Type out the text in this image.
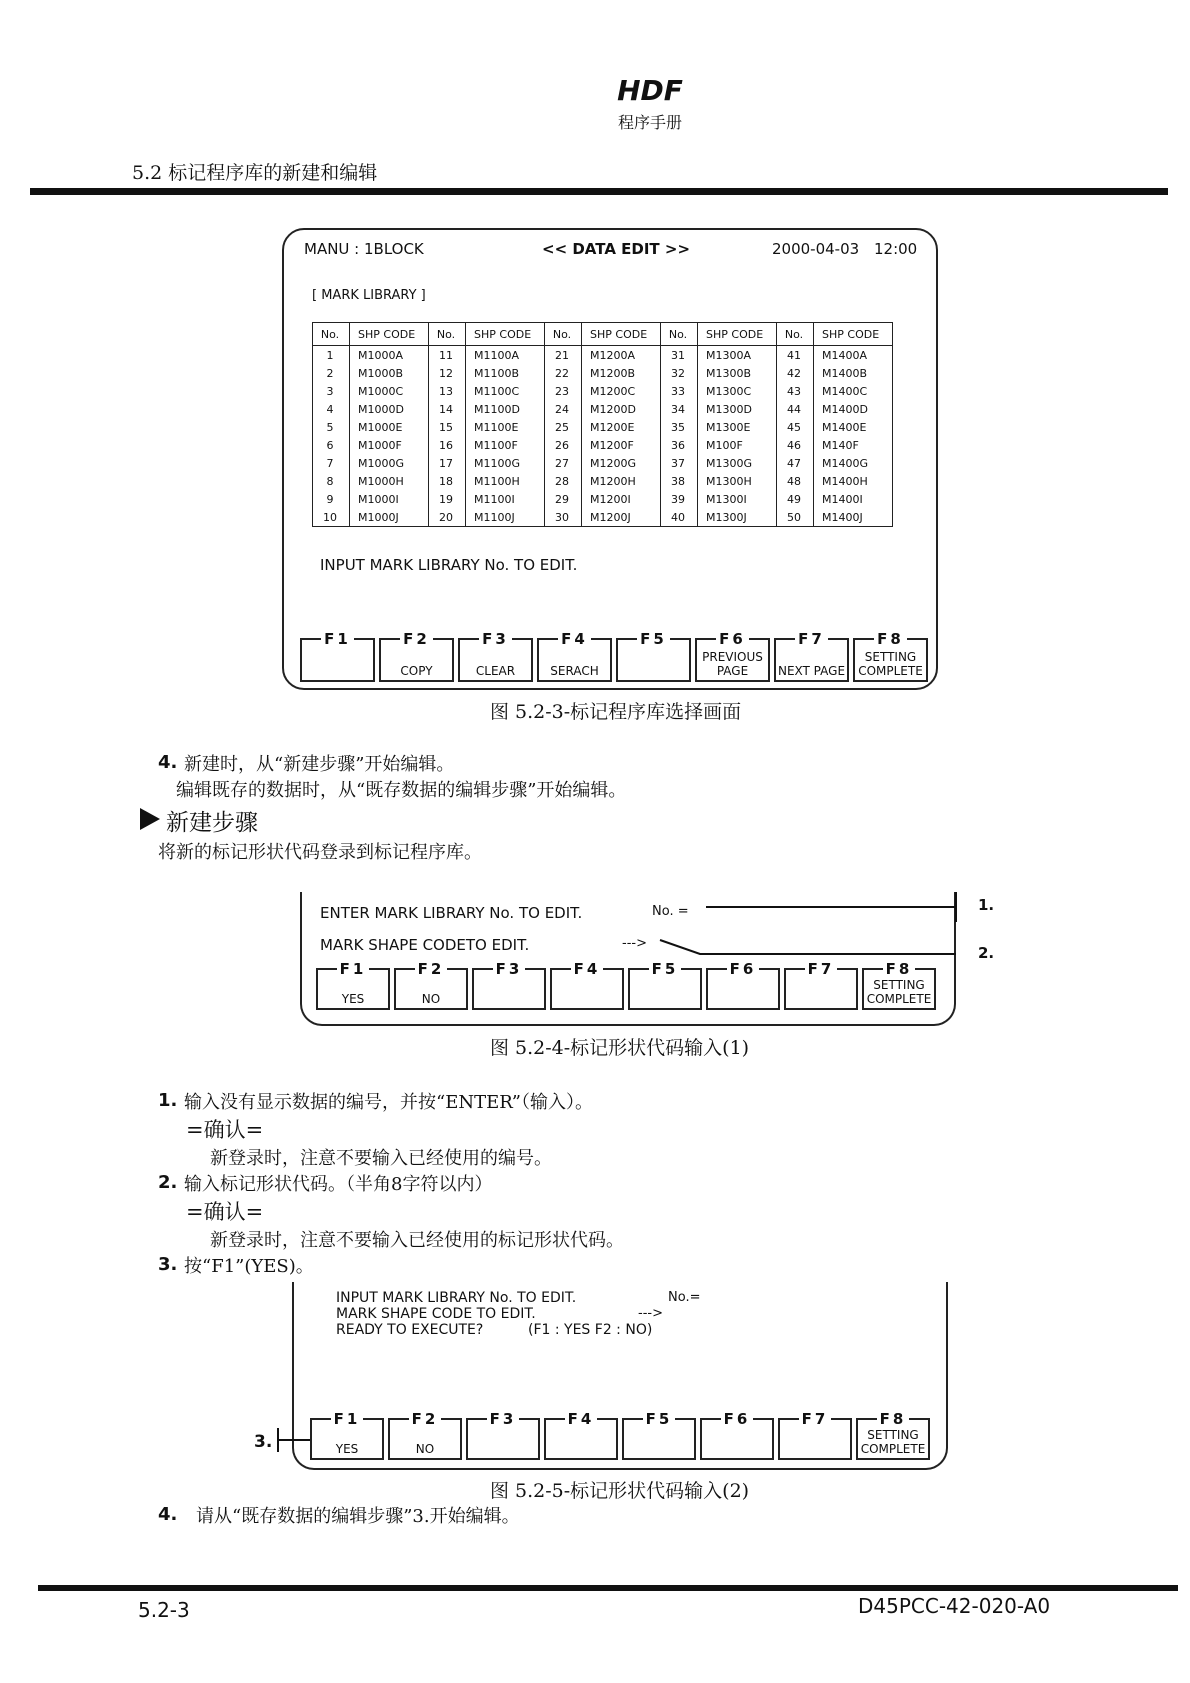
HDF
程序手册
5.2 标记程序库的新建和编辑
MANU : 1BLOCK	<< DATA EDIT >>	2000-04-03 12:00
[ MARK LIBRARY ]
No.	SHP CODE	No.	SHP CODE	No.	SHP CODE	No.	SHP CODE	No.	SHP CODE
1	M1000A	11	M1100A	21	M1200A	31	M1300A	41	M1400A
2	M1000B	12	M1100B	22	M1200B	32	M1300B	42	M1400B
3	M1000C	13	M1100C	23	M1200C	33	M1300C	43	M1400C
4	M1000D	14	M1100D	24	M1200D	34	M1300D	44	M1400D
5	M1000E	15	M1100E	25	M1200E	35	M1300E	45	M1400E
6	M1000F	16	M1100F	26	M1200F	36	M100F	46	M140F
7	M1000G	17	M1100G	27	M1200G	37	M1300G	47	M1400G
8	M1000H	18	M1100H	28	M1200H	38	M1300H	48	M1400H
9	M1000I	19	M1100I	29	M1200I	39	M1300I	49	M1400I
10	M1000J	20	M1100J	30	M1200J	40	M1300J	50	M1400J
INPUT MARK LIBRARY No. TO EDIT.
F1	F2
COPY
F3
CLEAR
F4
SERACH
F5	F6
PREVIOUS PAGE
F7
NEXT PAGE
F8
SETTING COMPLETE
图 5.2-3-标记程序库选择画面
4. 新建时，从“新建步骤”开始编辑。
编辑既存的数据时，从“既存数据的编辑步骤”开始编辑。
新建步骤
将新的标记形状代码登录到标记程序库。
ENTER MARK LIBRARY No. TO EDIT.	No. =
MARK SHAPE CODETO EDIT.	--->
F1
YES
F2
NO
F3	F4	F5	F6	F7	F8
SETTING COMPLETE
1.
2.
图 5.2-4-标记形状代码输入(1)
1. 输入没有显示数据的编号，并按“ENTER”（输入）。
=确认=
新登录时，注意不要输入已经使用的编号。
2. 输入标记形状代码。（半角8字符以内）
=确认=
新登录时，注意不要输入已经使用的标记形状代码。
3. 按“F1”(YES)。
INPUT MARK LIBRARY No. TO EDIT.	No.=
MARK SHAPE CODE TO EDIT.	--->
READY TO EXECUTE?	(F1 : YES F2 : NO)
F1
YES
F2
NO
F3	F4	F5	F6	F7	F8
SETTING COMPLETE
3.
图 5.2-5-标记形状代码输入(2)
4. 请从“既存数据的编辑步骤”3.开始编辑。
5.2-3	D45PCC-42-020-A0
